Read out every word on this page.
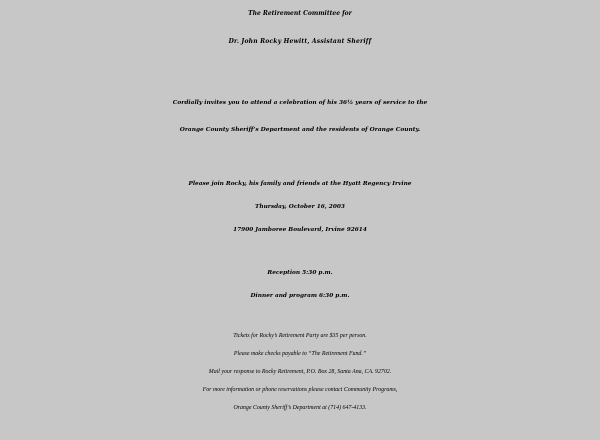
The Retirement Committee for
Dr. John Rocky Hewitt, Assistant Sheriff
Cordially invites you to attend a celebration of his 36½ years of service to the
Orange County Sheriff’s Department and the residents of Orange County.
Please join Rocky, his family and friends at the Hyatt Regency Irvine
Thursday, October 16, 2003
17900 Jamboree Boulevard, Irvine 92614
Reception 5:30 p.m.
Dinner and program 6:30 p.m.
Tickets for Rocky’s Retirement Party are $35 per person.
Please make checks payable to “The Retirement Fund.”
Mail your response to Rocky Retirement, P.O. Box 28, Santa Ana, CA. 92702.
For more information or phone reservations please contact Community Programs,
Orange County Sheriff’s Department at (714) 647-4133.
